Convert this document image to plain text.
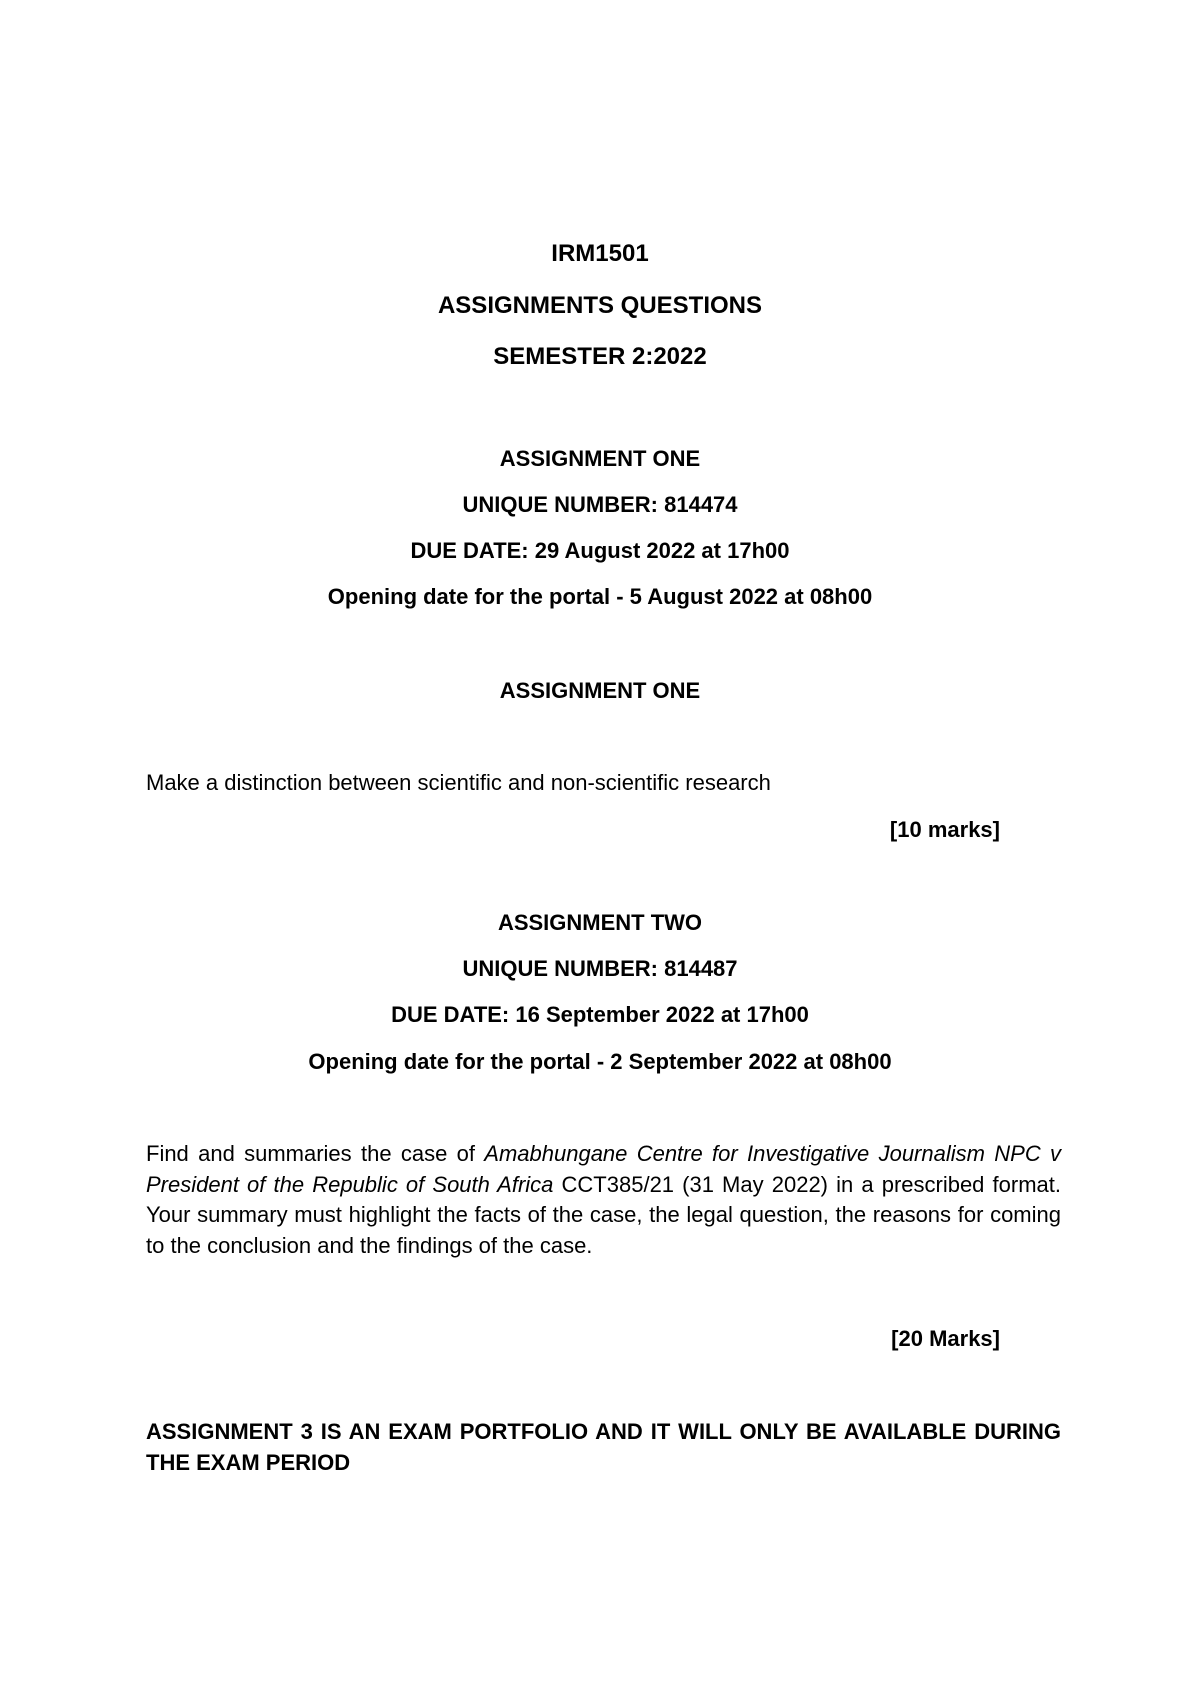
IRM1501
ASSIGNMENTS QUESTIONS
SEMESTER 2:2022
ASSIGNMENT ONE
UNIQUE NUMBER: 814474
DUE DATE: 29 August 2022 at 17h00
Opening date for the portal - 5 August 2022 at 08h00
ASSIGNMENT ONE
Make a distinction between scientific and non-scientific research
[10 marks]
ASSIGNMENT TWO
UNIQUE NUMBER: 814487
DUE DATE: 16 September 2022 at 17h00
Opening date for the portal - 2 September 2022 at 08h00
Find and summaries the case of Amabhungane Centre for Investigative Journalism NPC v President of the Republic of South Africa CCT385/21 (31 May 2022) in a prescribed format. Your summary must highlight the facts of the case, the legal question, the reasons for coming to the conclusion and the findings of the case.
[20 Marks]
ASSIGNMENT 3 IS AN EXAM PORTFOLIO AND IT WILL ONLY BE AVAILABLE DURING THE EXAM PERIOD
